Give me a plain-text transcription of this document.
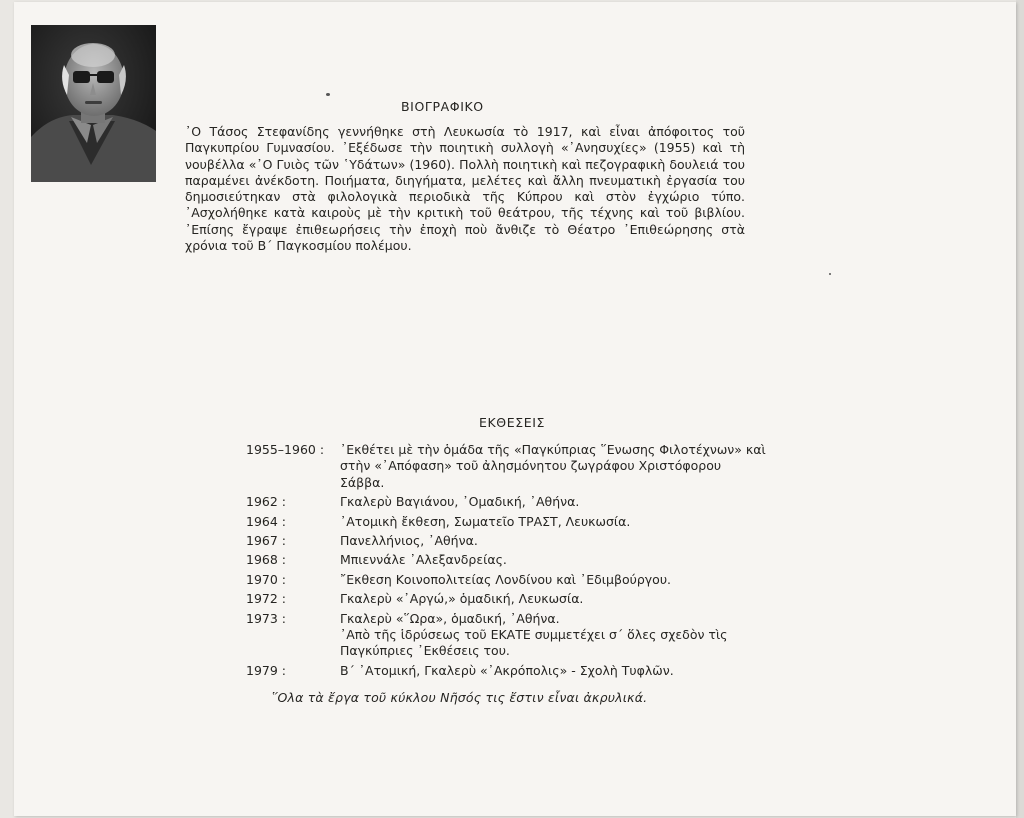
ΒΙΟΓΡΑΦΙΚΟ
᾽Ο Τάσος Στεφανίδης γεννήθηκε στὴ Λευκωσία τὸ 1917, καὶ εἶναι ἀπόφοιτος τοῦ Παγκυπρίου Γυμνασίου. ᾽Εξέδωσε τὴν ποιητικὴ συλλογὴ «᾽Ανησυχίες» (1955) καὶ τὴ νουβέλλα «᾽Ο Γυιὸς τῶν ῾Υδάτων» (1960). Πολλὴ ποιητικὴ καὶ πεζογραφικὴ δουλειά του παραμένει ἀνέκδοτη. Ποιήματα, διηγήματα, μελέτες καὶ ἄλλη πνευματικὴ ἐργασία του δημοσιεύτηκαν στὰ φιλολογικὰ περιοδικὰ τῆς Κύπρου καὶ στὸν ἐγχώριο τύπο. ᾽Ασχολήθηκε κατὰ καιροὺς μὲ τὴν κριτικὴ τοῦ θεάτρου, τῆς τέχνης καὶ τοῦ βιβλίου. ᾽Επίσης ἔγραψε ἐπιθεωρήσεις τὴν ἐποχὴ ποὺ ἄνθιζε τὸ Θέατρο ᾽Επιθεώρησης στὰ χρόνια τοῦ Β΄ Παγκοσμίου πολέμου.
ΕΚΘΕΣΕΙΣ
1955–1960 :	᾽Εκθέτει μὲ τὴν ὁμάδα τῆς «Παγκύπριας ῞Ενωσης Φιλοτέχνων» καὶ
στὴν «᾽Απόφαση» τοῦ ἀλησμόνητου ζωγράφου Χριστόφορου
Σάββα.
1962 :	Γκαλερὺ Βαγιάνου, ᾽Ομαδική, ᾽Αθήνα.
1964 :	᾽Ατομικὴ ἔκθεση, Σωματεῖο ΤΡΑΣΤ, Λευκωσία.
1967 :	Πανελλήνιος, ᾽Αθήνα.
1968 :	Μπιεννάλε ᾽Αλεξανδρείας.
1970 :	῎Εκθεση Κοινοπολιτείας Λονδίνου καὶ ᾽Εδιμβούργου.
1972 :	Γκαλερὺ «᾽Αργώ,» ὁμαδική, Λευκωσία.
1973 :	Γκαλερὺ «῞Ωρα», ὁμαδική, ᾽Αθήνα.
᾽Απὸ τῆς ἱδρύσεως τοῦ ΕΚΑΤΕ συμμετέχει σ΄ ὅλες σχεδὸν τὶς
Παγκύπριες ᾽Εκθέσεις του.
1979 :	Β΄ ᾽Ατομική, Γκαλερὺ «᾽Ακρόπολις» - Σχολὴ Τυφλῶν.
῞Ολα τὰ ἔργα τοῦ κύκλου Νῆσός τις ἔστιν εἶναι ἀκρυλικά.
